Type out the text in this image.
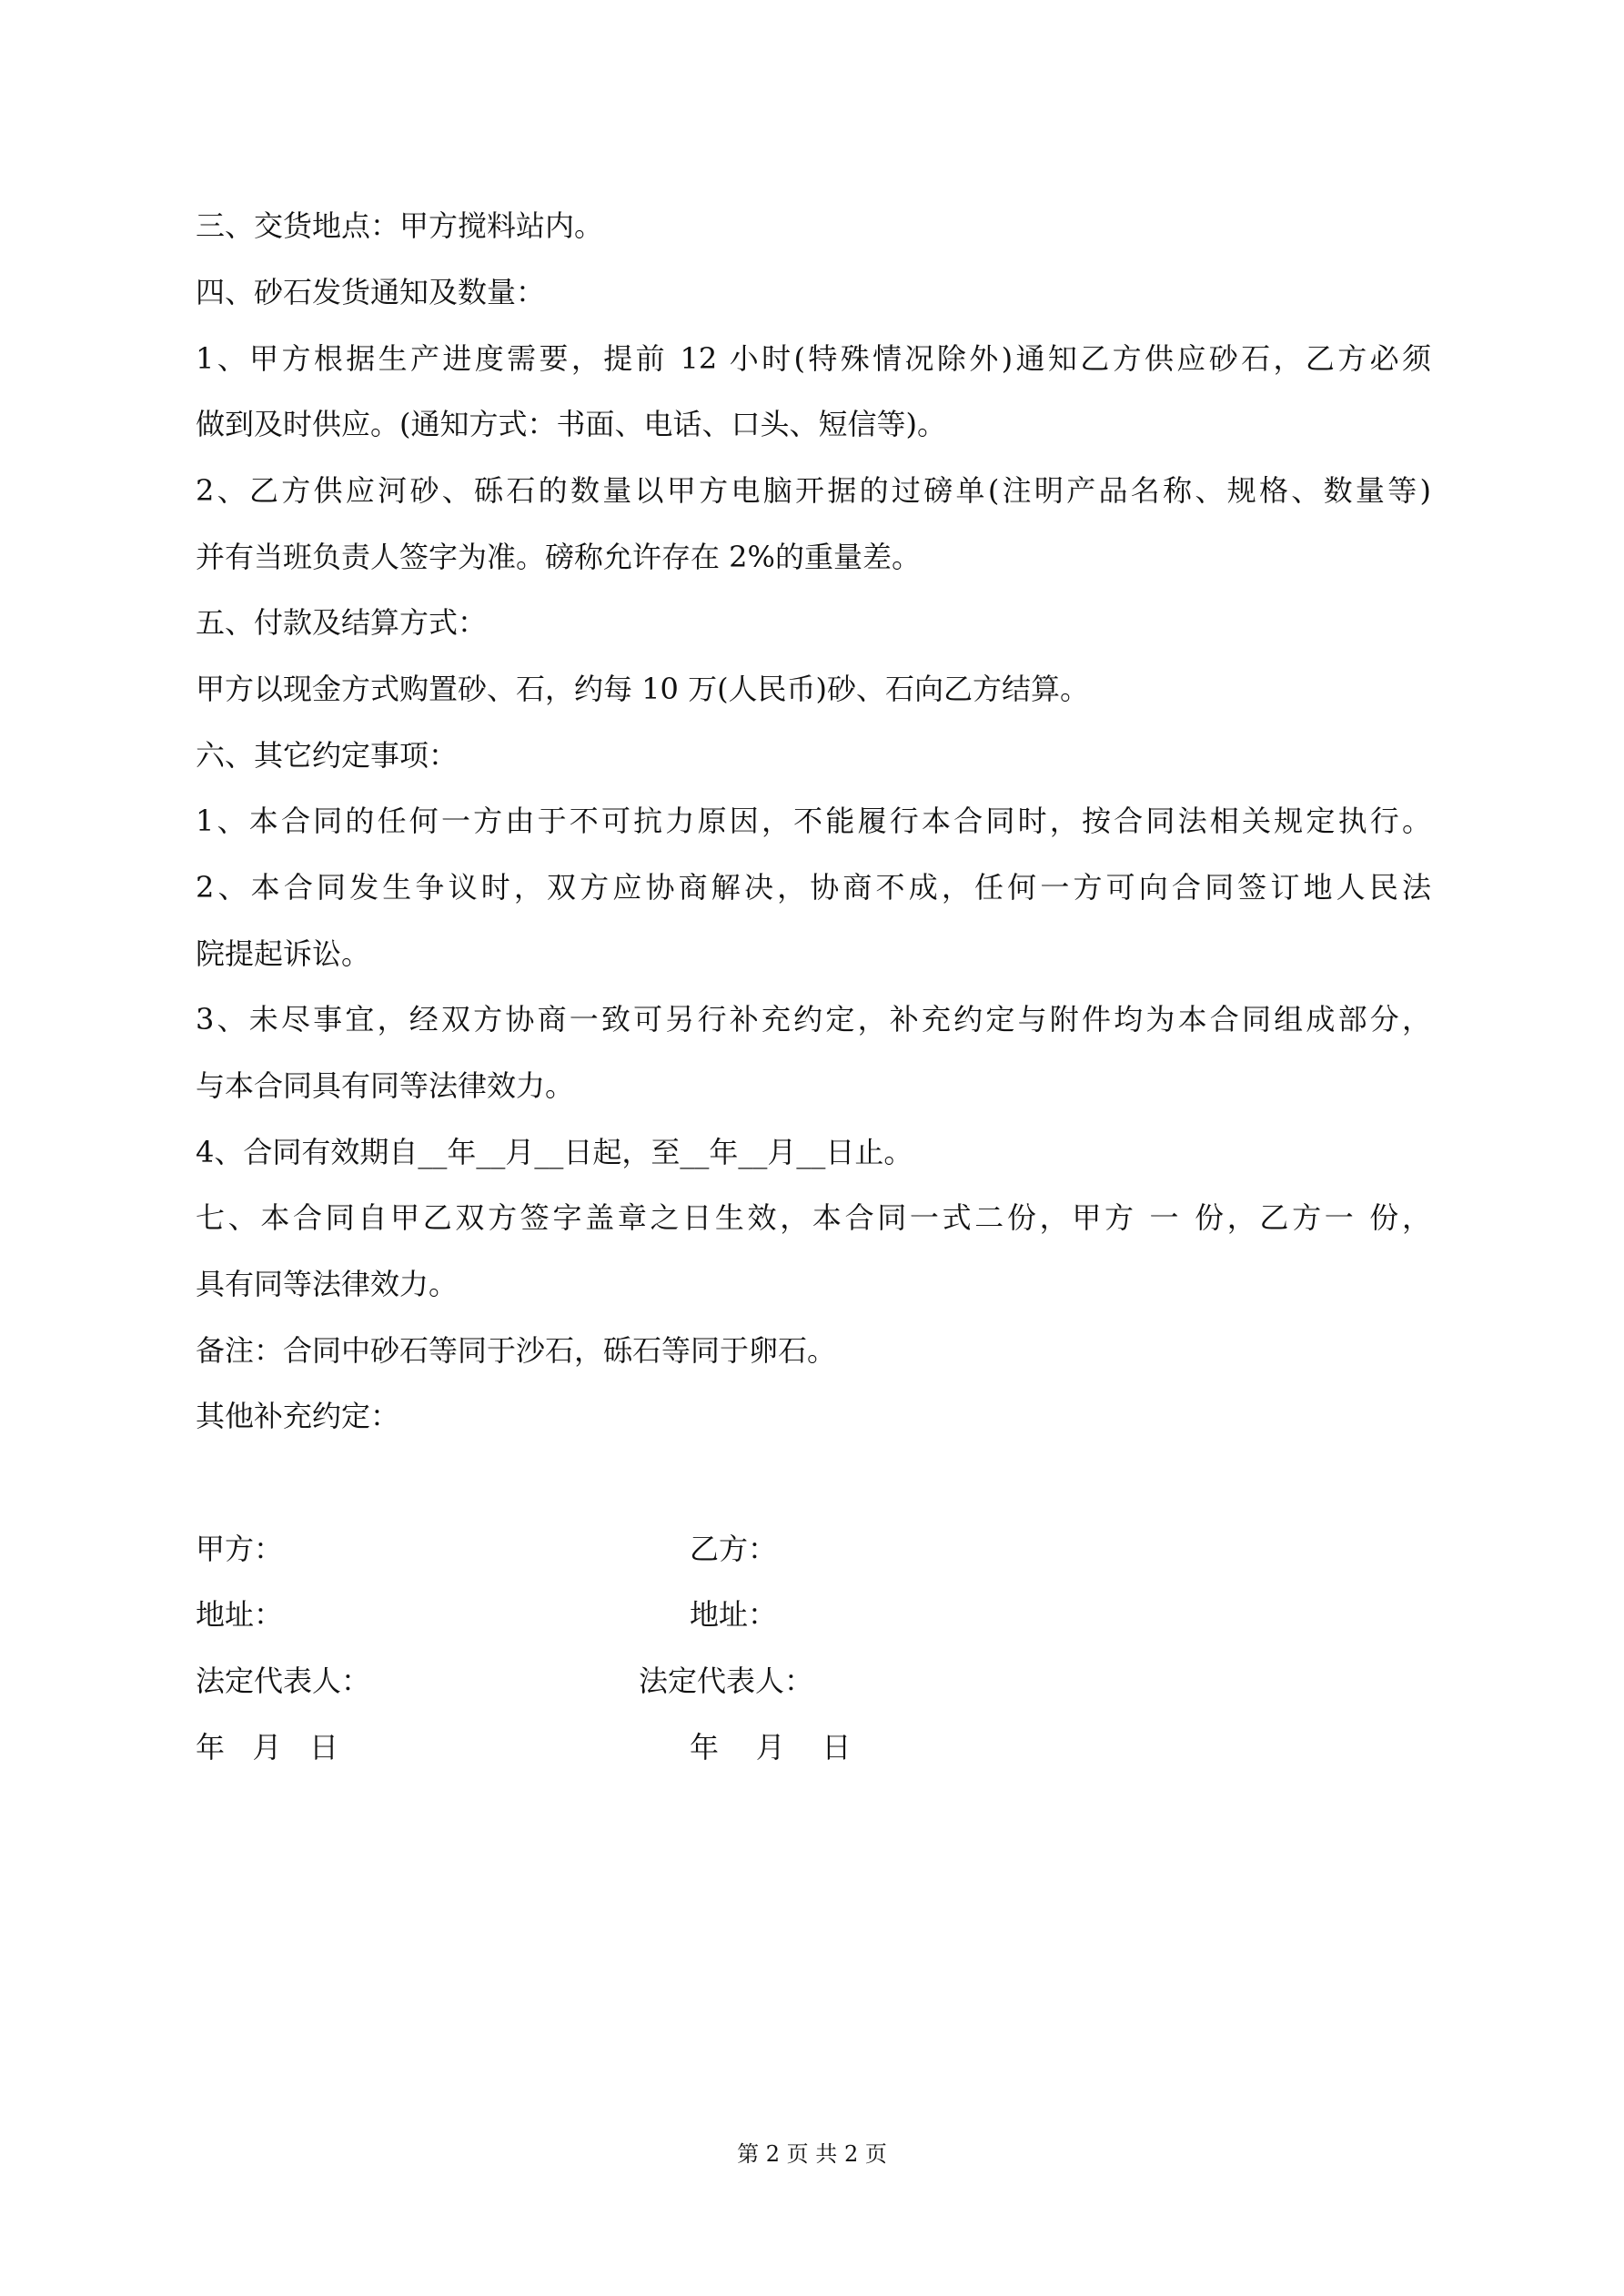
三、交货地点：甲方搅料站内。
四、砂石发货通知及数量：
1、甲方根据生产进度需要，提前 12 小时(特殊情况除外)通知乙方供应砂石，乙方必须
做到及时供应。(通知方式：书面、电话、口头、短信等)。
2、乙方供应河砂、砾石的数量以甲方电脑开据的过磅单(注明产品名称、规格、数量等)
并有当班负责人签字为准。磅称允许存在 2%的重量差。
五、付款及结算方式：
甲方以现金方式购置砂、石，约每 10 万(人民币)砂、石向乙方结算。
六、其它约定事项：
1、本合同的任何一方由于不可抗力原因，不能履行本合同时，按合同法相关规定执行。
2、本合同发生争议时，双方应协商解决，协商不成，任何一方可向合同签订地人民法
院提起诉讼。
3、未尽事宜，经双方协商一致可另行补充约定，补充约定与附件均为本合同组成部分，
与本合同具有同等法律效力。
4、合同有效期自__年__月__日起，至__年__月__日止。
七、本合同自甲乙双方签字盖章之日生效，本合同一式二份，甲方 一 份，乙方一 份，
具有同等法律效力。
备注：合同中砂石等同于沙石，砾石等同于卵石。
其他补充约定：
甲方：	乙方：
地址：	地址：
法定代表人：	法定代表人：
年   月   日	年    月    日
第 2 页 共 2 页
